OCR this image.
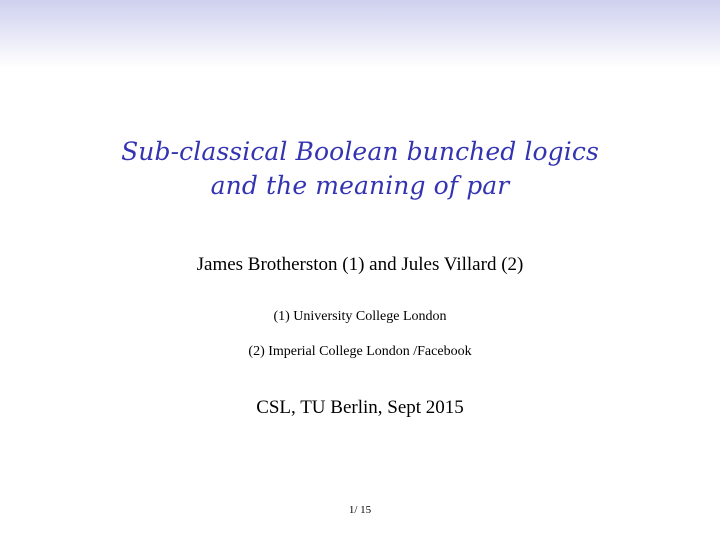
Sub-classical Boolean bunched logics
and the meaning of par
James Brotherston (1) and Jules Villard (2)
(1) University College London
(2) Imperial College London /Facebook
CSL, TU Berlin, Sept 2015
1/ 15
